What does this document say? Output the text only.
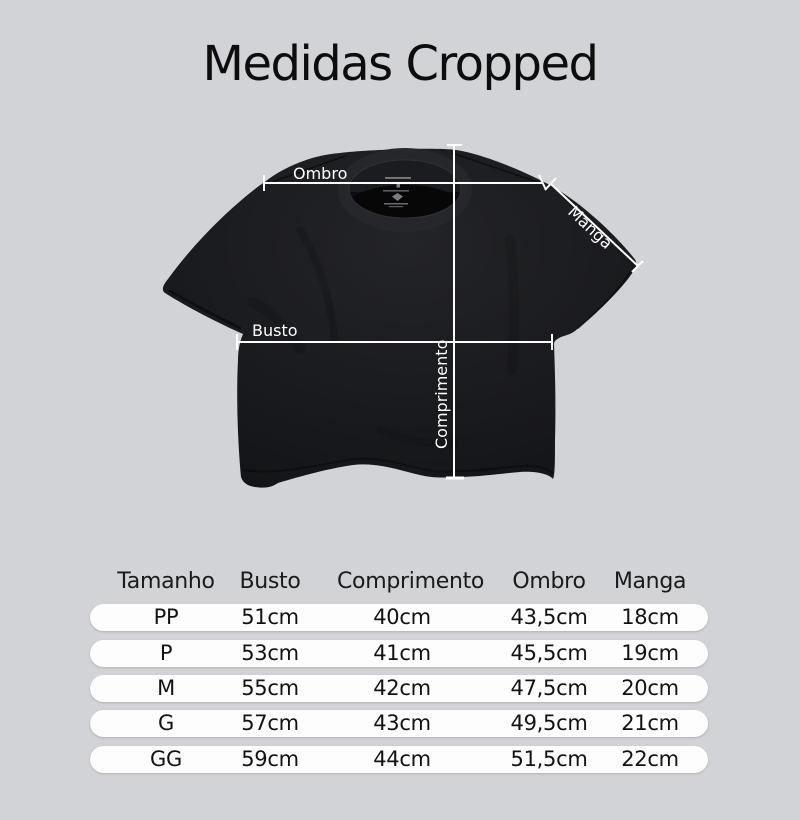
Medidas Cropped
Ombro
Busto
Comprimento
Manga
Tamanho	Busto	Comprimento	Ombro	Manga
PP	51cm	40cm	43,5cm	18cm
P	53cm	41cm	45,5cm	19cm
M	55cm	42cm	47,5cm	20cm
G	57cm	43cm	49,5cm	21cm
GG	59cm	44cm	51,5cm	22cm
